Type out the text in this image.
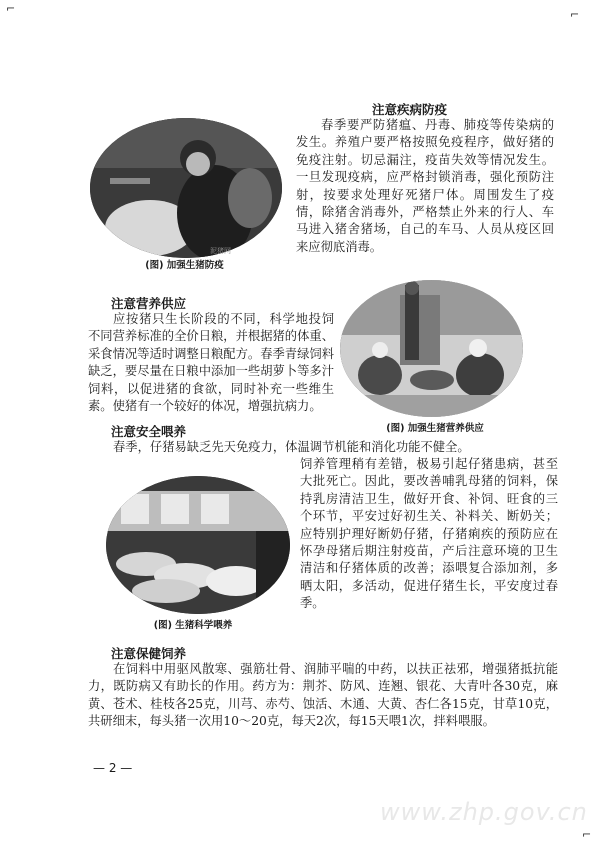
⌐	⌐
⌐
泥猪网
(图) 加强生猪防疫
注意疾病防疫
春季要严防猪瘟、丹毒、肺疫等传染病的发生。养殖户要严格按照免疫程序，做好猪的免疫注射。切忌漏注，疫苗失效等情况发生。一旦发现疫病，应严格封锁消毒，强化预防注射，按要求处理好死猪尸体。周围发生了疫情，除猪舍消毒外，严格禁止外来的行人、车马进入猪舍猪场，自己的车马、人员从疫区回来应彻底消毒。
注意营养供应
应按猪只生长阶段的不同，科学地投饲不同营养标准的全价日粮，并根据猪的体重、采食情况等适时调整日粮配方。春季青绿饲料缺乏，要尽量在日粮中添加一些胡萝卜等多汁饲料，以促进猪的食欲，同时补充一些维生素。使猪有一个较好的体况，增强抗病力。
(图) 加强生猪营养供应
注意安全喂养
春季，仔猪易缺乏先天免疫力，体温调节机能和消化功能不健全。
饲养管理稍有差错，极易引起仔猪患病，甚至大批死亡。因此，要改善哺乳母猪的饲料，保持乳房清洁卫生，做好开食、补饲、旺食的三个环节，平安过好初生关、补料关、断奶关；应特别护理好断奶仔猪，仔猪痢疾的预防应在怀孕母猪后期注射疫苗，产后注意环境的卫生清洁和仔猪体质的改善；添喂复合添加剂，多晒太阳，多活动，促进仔猪生长，平安度过春季。
(图) 生猪科学喂养
注意保健饲养
在饲料中用驱风散寒、强筋壮骨、润肺平喘的中药，以扶正祛邪，增强猪抵抗能力，既防病又有助长的作用。药方为：荆芥、防风、连翘、银花、大青叶各30克，麻黄、苍术、桂枝各25克，川芎、赤芍、蚀活、木通、大黄、杏仁各15克，甘草10克，共研细末，每头猪一次用10～20克，每天2次，每15天喂1次，拌料喂服。
— 2 —
www.zhp.gov.cn
